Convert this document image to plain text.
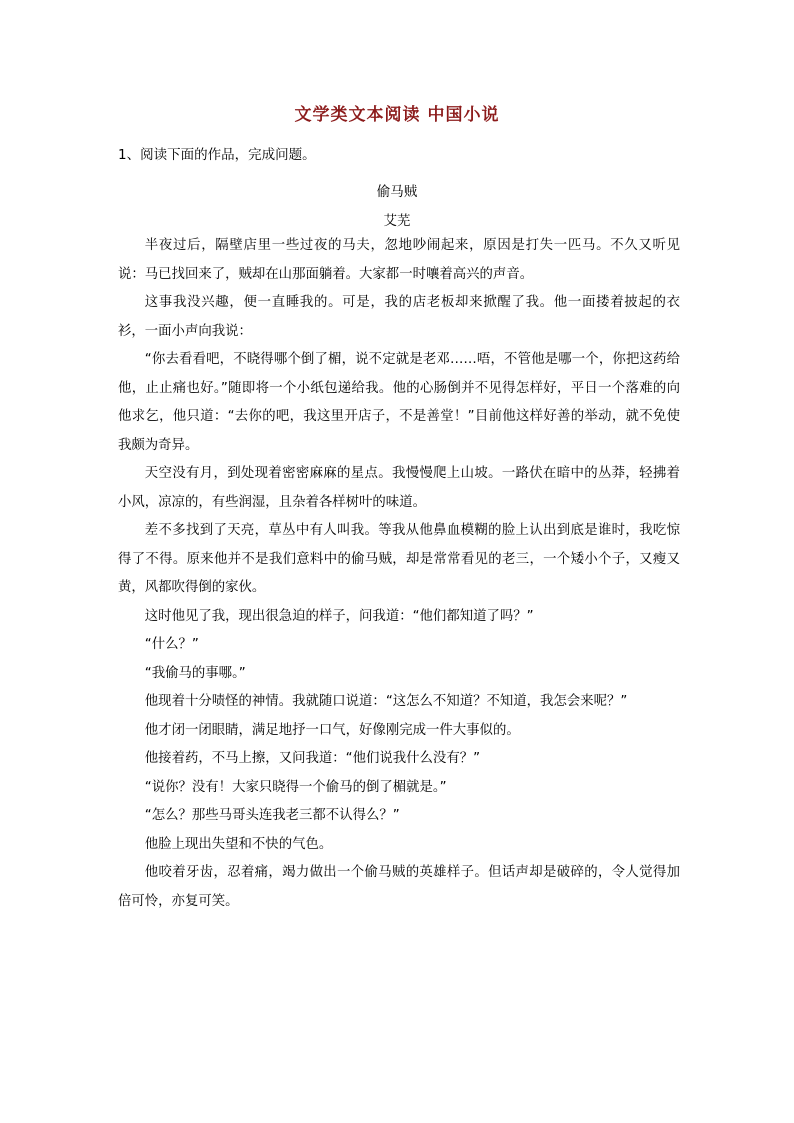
文学类文本阅读 中国小说
1、阅读下面的作品，完成问题。
偷马贼
艾芜

半夜过后，隔壁店里一些过夜的马夫，忽地吵闹起来，原因是打失一匹马。不久又听见说：马已找回来了，贼却在山那面躺着。大家都一时嚷着高兴的声音。

这事我没兴趣，便一直睡我的。可是，我的店老板却来掀醒了我。他一面搂着披起的衣衫，一面小声向我说：

“你去看看吧，不晓得哪个倒了楣，说不定就是老邓……唔，不管他是哪一个，你把这药给他，止止痛也好。”随即将一个小纸包递给我。他的心肠倒并不见得怎样好，平日一个落难的向他求乞，他只道：“去你的吧，我这里开店子，不是善堂！”目前他这样好善的举动，就不免使我颇为奇异。

天空没有月，到处现着密密麻麻的星点。我慢慢爬上山坡。一路伏在暗中的丛莽，轻拂着小风，凉凉的，有些润湿，且杂着各样树叶的味道。

差不多找到了天亮，草丛中有人叫我。等我从他鼻血模糊的脸上认出到底是谁时，我吃惊得了不得。原来他并不是我们意料中的偷马贼，却是常常看见的老三，一个矮小个子，又瘦又黄，风都吹得倒的家伙。

这时他见了我，现出很急迫的样子，问我道：“他们都知道了吗？”

“什么？”

“我偷马的事哪。”

他现着十分啧怪的神情。我就随口说道：“这怎么不知道？不知道，我怎会来呢？”

他才闭一闭眼睛，满足地抒一口气，好像刚完成一件大事似的。

他接着药，不马上擦，又问我道：“他们说我什么没有？”

“说你？没有！大家只晓得一个偷马的倒了楣就是。”

“怎么？那些马哥头连我老三都不认得么？”

他脸上现出失望和不快的气色。

他咬着牙齿，忍着痛，竭力做出一个偷马贼的英雄样子。但话声却是破碎的，令人觉得加倍可怜，亦复可笑。
